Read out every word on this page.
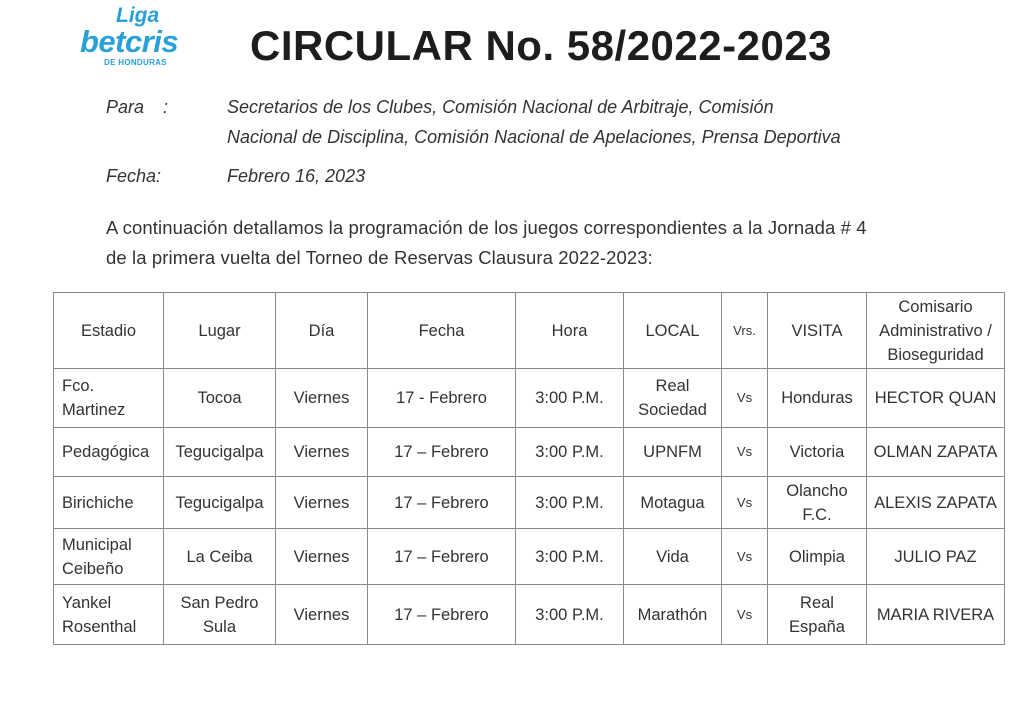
Liga
betcris
DE HONDURAS CIRCULAR No. 58/2022-2023
Para :	Secretarios de los Clubes, Comisión Nacional de Arbitraje, Comisión
Nacional de Disciplina, Comisión Nacional de Apelaciones, Prensa Deportiva
Fecha:	Febrero 16, 2023
A continuación detallamos la programación de los juegos correspondientes a la Jornada # 4
de la primera vuelta del Torneo de Reservas Clausura 2022-2023:
Estadio	Lugar	Día	Fecha	Hora	LOCAL	Vrs.	VISITA	Comisario Administrativo / Bioseguridad
Fco. Martinez	Tocoa	Viernes	17 - Febrero	3:00 P.M.	Real Sociedad	Vs	Honduras	HECTOR QUAN
Pedagógica	Tegucigalpa	Viernes	17 – Febrero	3:00 P.M.	UPNFM	Vs	Victoria	OLMAN ZAPATA
Birichiche	Tegucigalpa	Viernes	17 – Febrero	3:00 P.M.	Motagua	Vs	Olancho F.C.	ALEXIS ZAPATA
Municipal Ceibeño	La Ceiba	Viernes	17 – Febrero	3:00 P.M.	Vida	Vs	Olimpia	JULIO PAZ
Yankel Rosenthal	San Pedro Sula	Viernes	17 – Febrero	3:00 P.M.	Marathón	Vs	Real España	MARIA RIVERA
